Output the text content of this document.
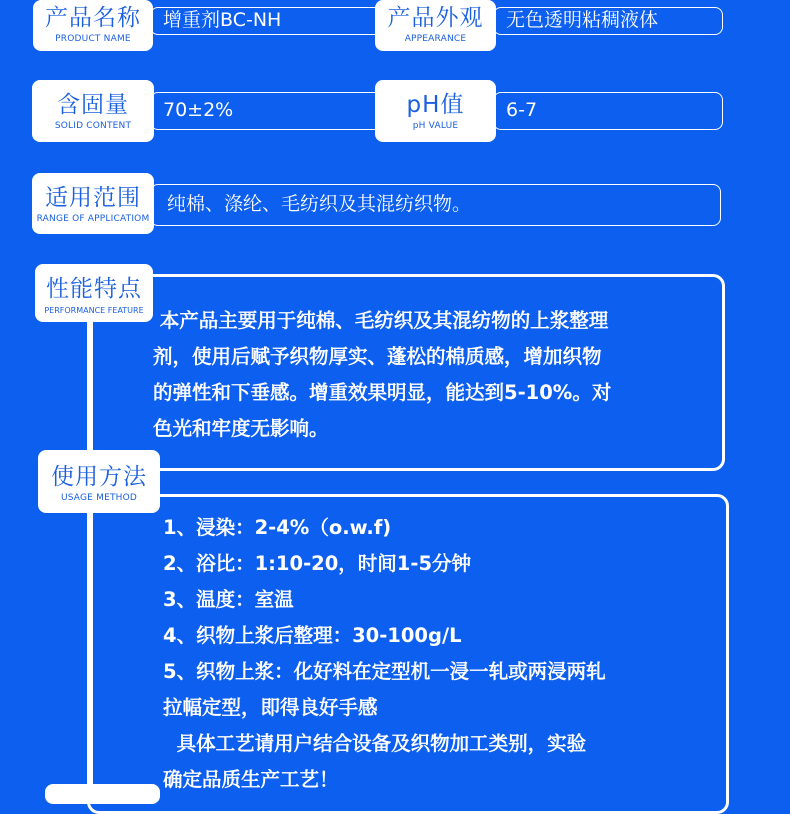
增重剂BC-NH
产品名称
PRODUCT NAME
无色透明粘稠液体
产品外观
APPEARANCE
70±2%
含固量
SOLID CONTENT
6-7
pH值
pH VALUE
纯棉、涤纶、毛纺织及其混纺织物。
适用范围
RANGE OF APPLICATIOM
性能特点
PERFORMANCE FEATURE 本产品主要用于纯棉、毛纺织及其混纺物的上浆整理
剂，使用后赋予织物厚实、蓬松的棉质感，增加织物
的弹性和下垂感。增重效果明显，能达到5-10%。对
色光和牢度无影响。
使用方法
USAGE METHOD
1、浸染：2-4%（o.w.f)
2、浴比：1:10-20，时间1-5分钟
3、温度：室温
4、织物上浆后整理：30-100g/L
5、织物上浆：化好料在定型机一浸一轧或两浸两轧
拉幅定型，即得良好手感
具体工艺请用户结合设备及织物加工类别，实验
确定品质生产工艺！
